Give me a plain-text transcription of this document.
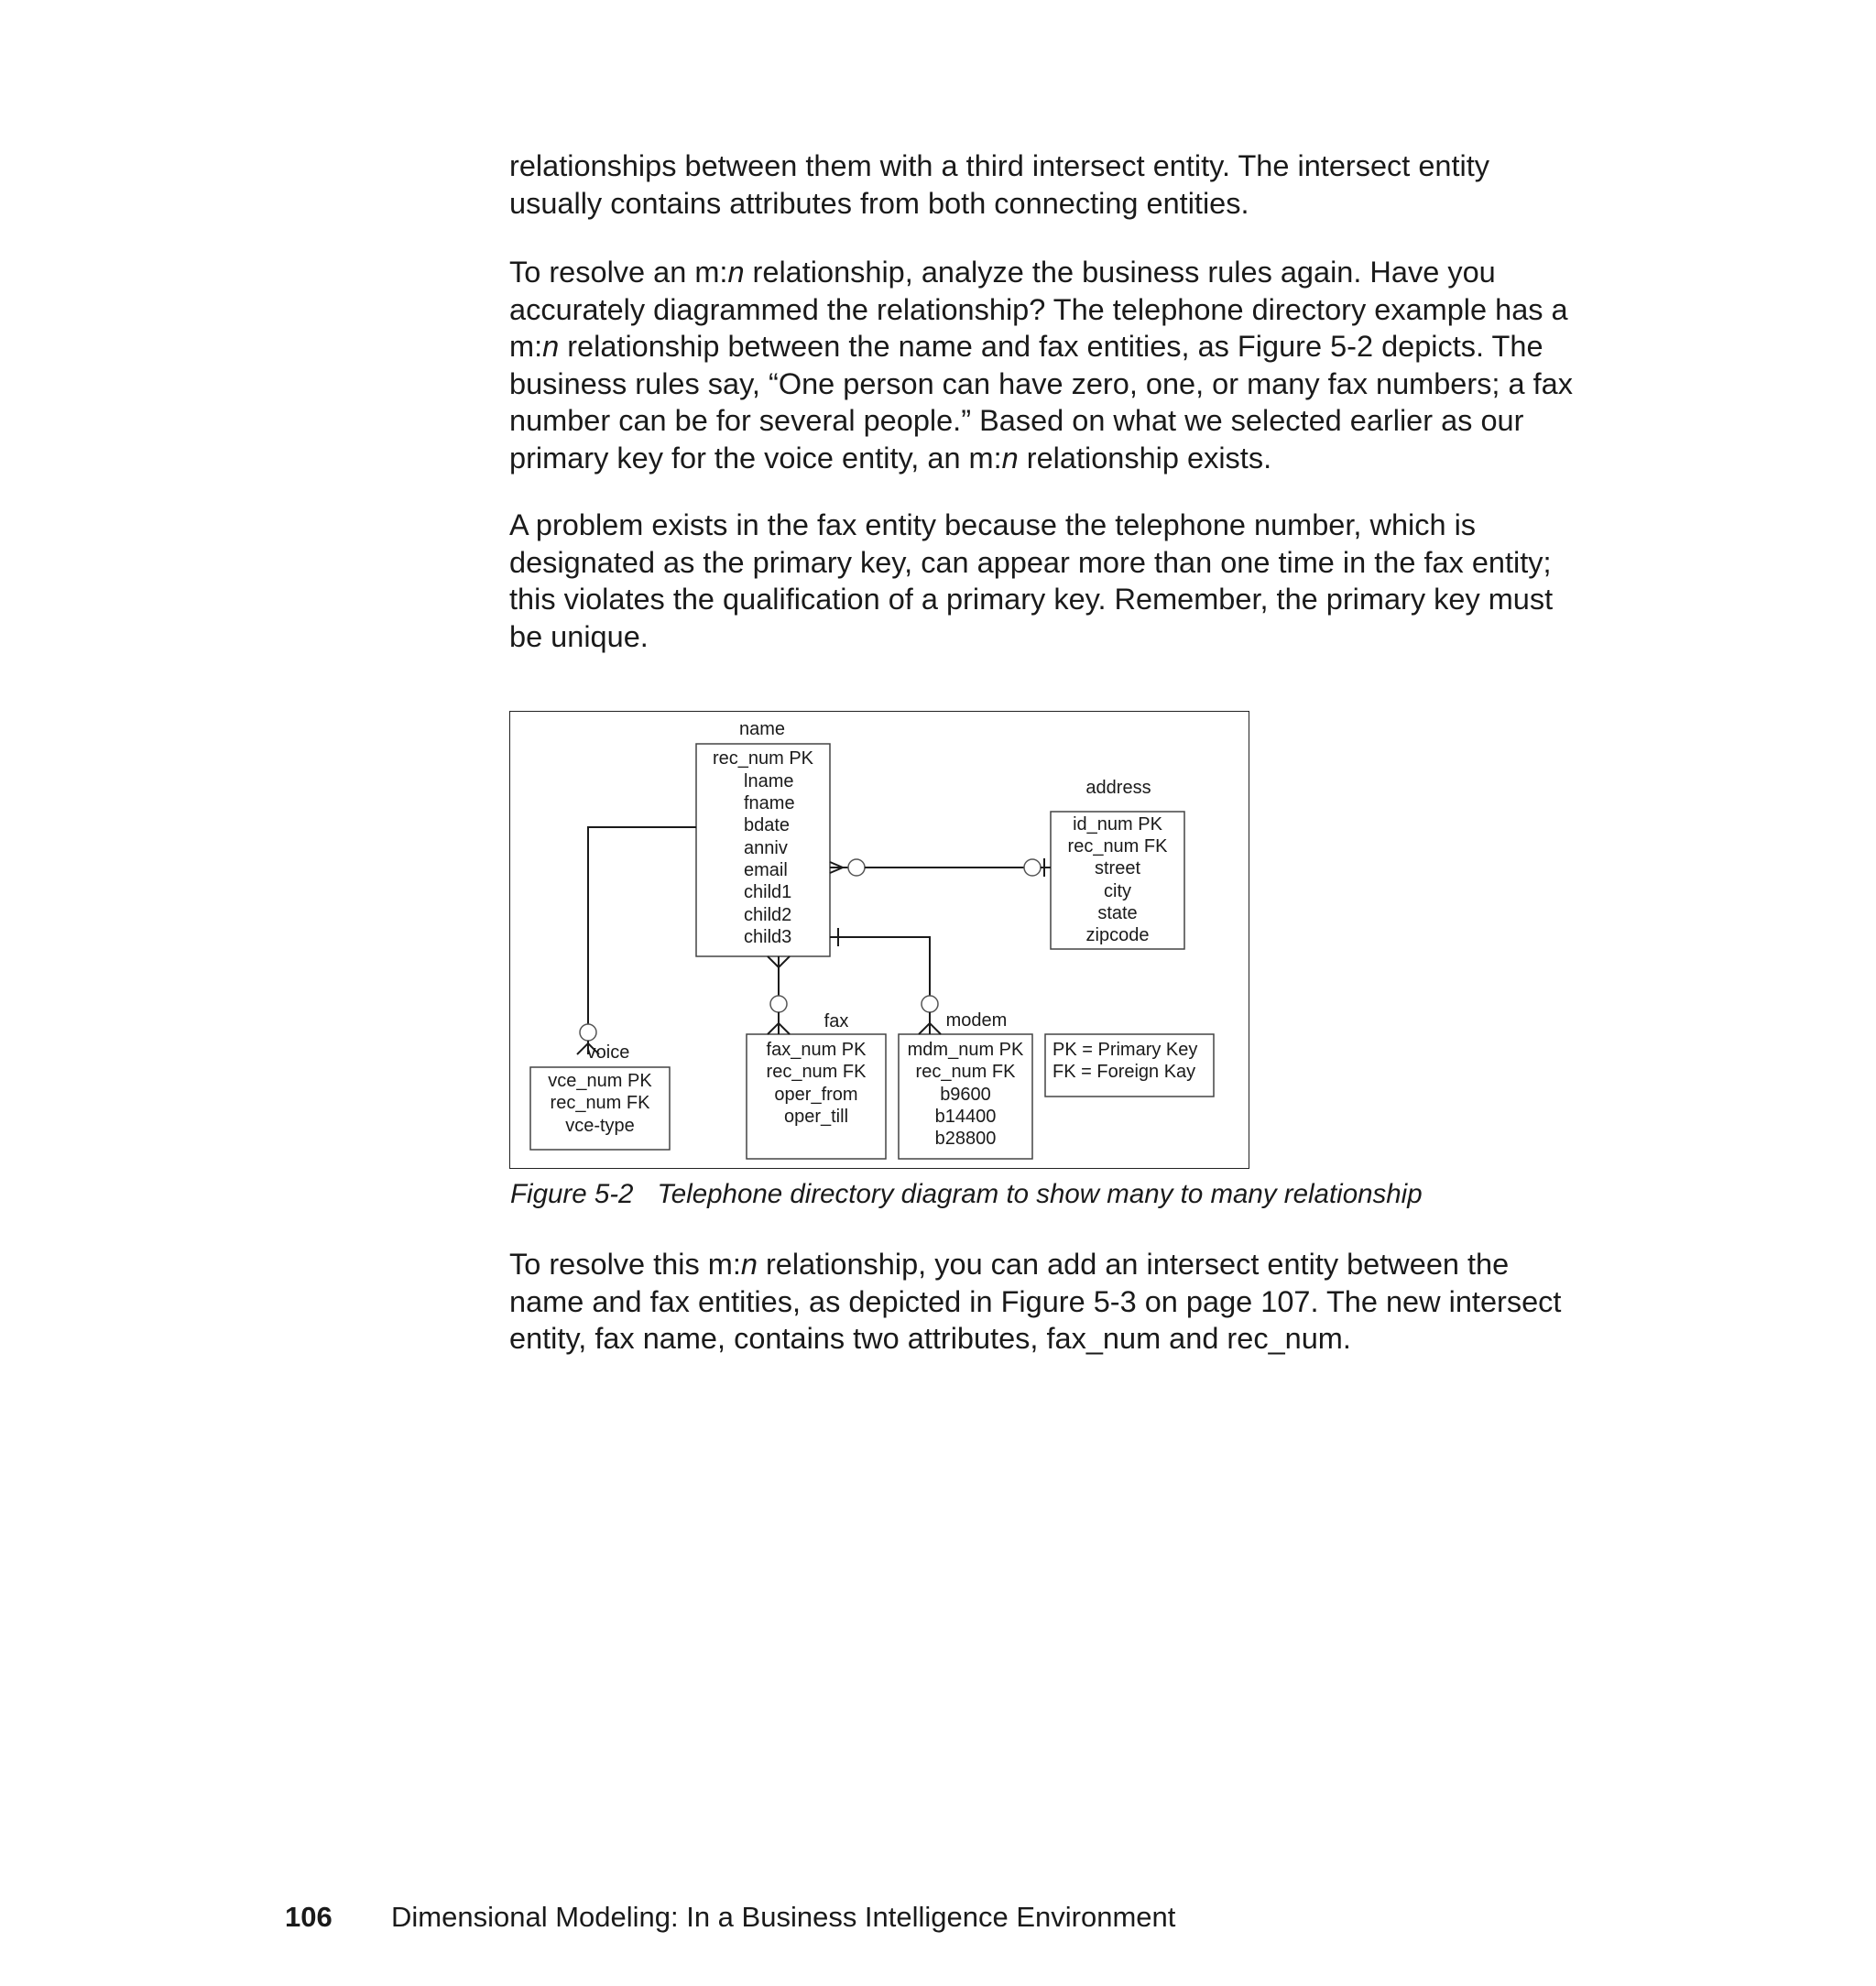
relationships between them with a third intersect entity. The intersect entity
usually contains attributes from both connecting entities.
To resolve an m:n relationship, analyze the business rules again. Have you
accurately diagrammed the relationship? The telephone directory example has a
m:n relationship between the name and fax entities, as Figure 5-2 depicts. The
business rules say, “One person can have zero, one, or many fax numbers; a fax
number can be for several people.” Based on what we selected earlier as our
primary key for the voice entity, an m:n relationship exists.
A problem exists in the fax entity because the telephone number, which is
designated as the primary key, can appear more than one time in the fax entity;
this violates the qualification of a primary key. Remember, the primary key must
be unique.
name
rec_num PK
lname
fname
bdate
anniv
email
child1
child2
child3
address
id_num PK
rec_num FK
street
city
state
zipcode
voice
vce_num PK
rec_num FK
vce-type
fax
fax_num PK
rec_num FK
oper_from
oper_till
modem
mdm_num PK
rec_num FK
b9600
b14400
b28800
PK = Primary Key
FK = Foreign Kay
Figure 5-2 Telephone directory diagram to show many to many relationship
To resolve this m:n relationship, you can add an intersect entity between the
name and fax entities, as depicted in Figure 5-3 on page 107. The new intersect
entity, fax name, contains two attributes, fax_num and rec_num.
106 Dimensional Modeling: In a Business Intelligence Environment
